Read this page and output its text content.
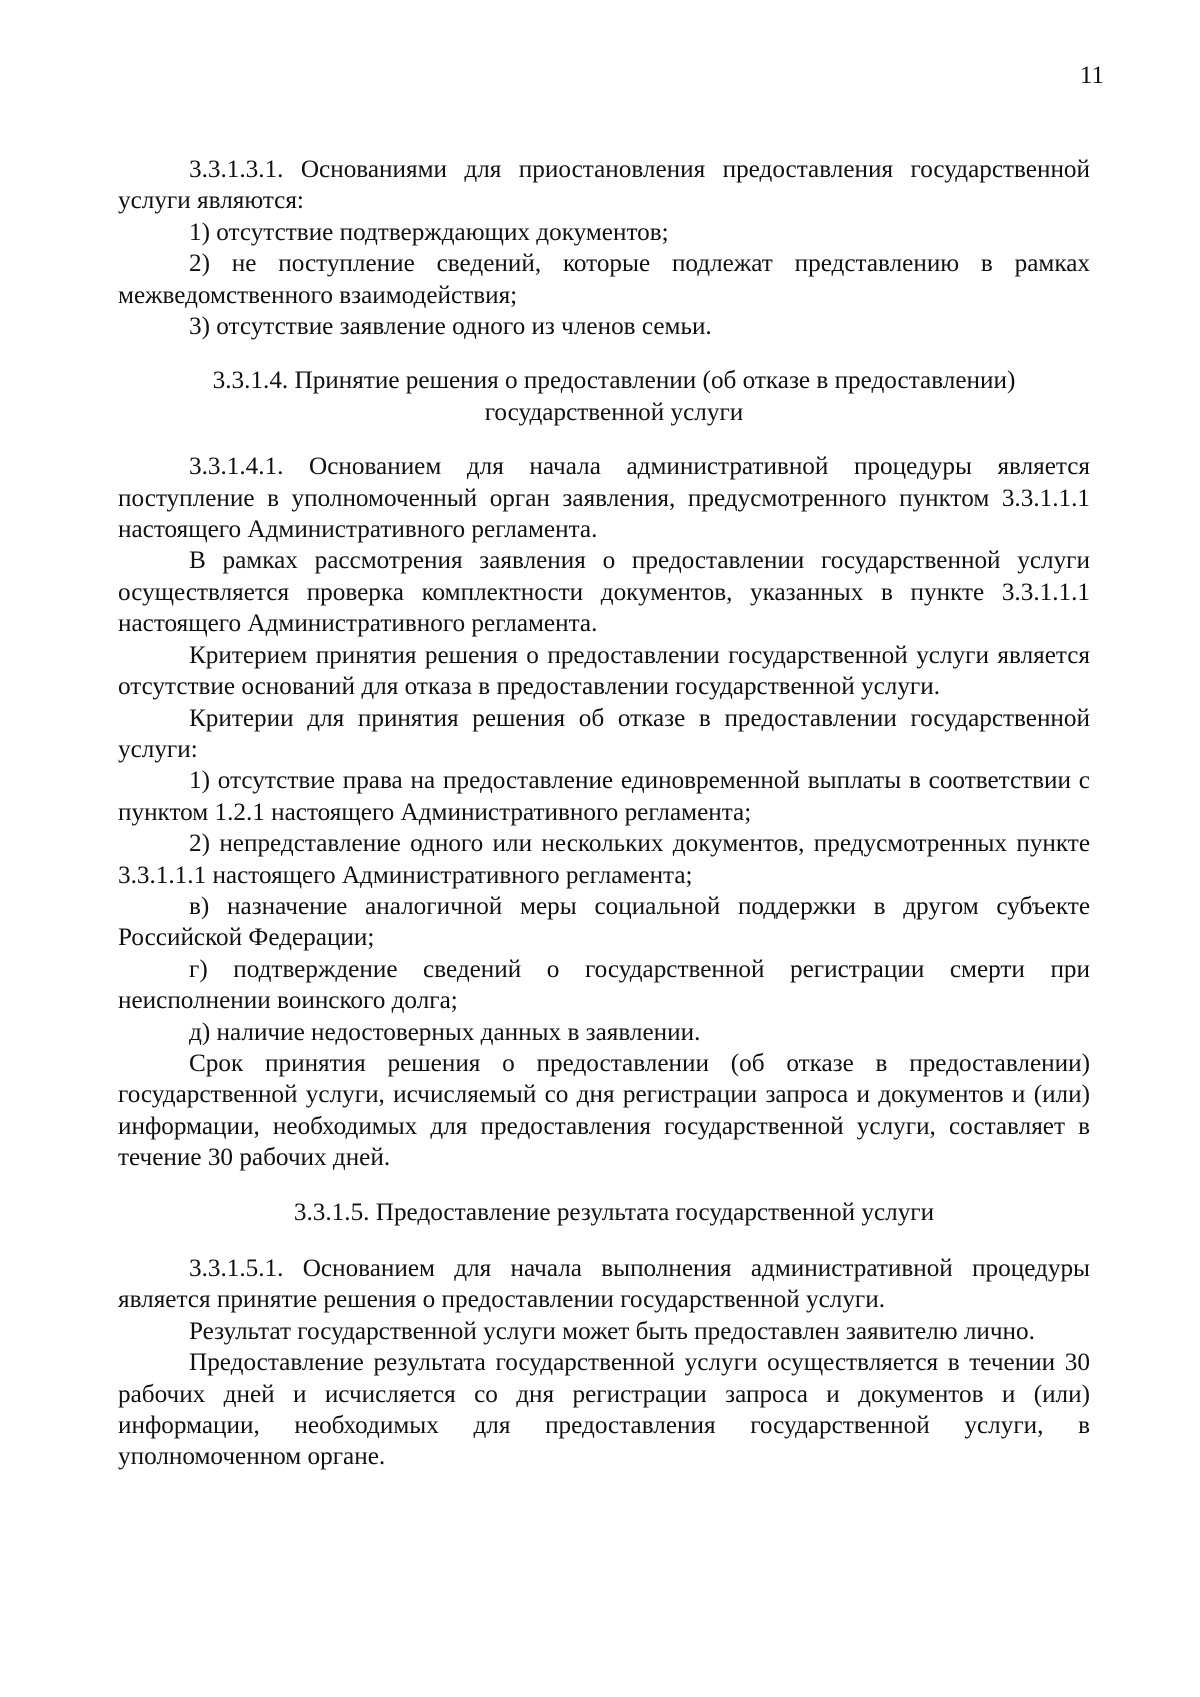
11

3.3.1.3.1. Основаниями для приостановления предоставления государственной услуги являются:

1) отсутствие подтверждающих документов;

2) не поступление сведений, которые подлежат представлению в рамках межведомственного взаимодействия;

3) отсутствие заявление одного из членов семьи.

3.3.1.4. Принятие решения о предоставлении (об отказе в предоставлении)
государственной услуги

3.3.1.4.1. Основанием для начала административной процедуры является поступление в уполномоченный орган заявления, предусмотренного пунктом 3.3.1.1.1 настоящего Административного регламента.

В рамках рассмотрения заявления о предоставлении государственной услуги осуществляется проверка комплектности документов, указанных в пункте 3.3.1.1.1 настоящего Административного регламента.

Критерием принятия решения о предоставлении государственной услуги является отсутствие оснований для отказа в предоставлении государственной услуги.

Критерии для принятия решения об отказе в предоставлении государственной услуги:

1) отсутствие права на предоставление единовременной выплаты в соответствии с пунктом 1.2.1 настоящего Административного регламента;

2) непредставление одного или нескольких документов, предусмотренных пункте 3.3.1.1.1 настоящего Административного регламента;

в) назначение аналогичной меры социальной поддержки в другом субъекте Российской Федерации;

г) подтверждение сведений о государственной регистрации смерти при неисполнении воинского долга;

д) наличие недостоверных данных в заявлении.

Срок принятия решения о предоставлении (об отказе в предоставлении) государственной услуги, исчисляемый со дня регистрации запроса и документов и (или) информации, необходимых для предоставления государственной услуги, составляет в течение 30 рабочих дней.

3.3.1.5. Предоставление результата государственной услуги

3.3.1.5.1. Основанием для начала выполнения административной процедуры является принятие решения о предоставлении государственной услуги.

Результат государственной услуги может быть предоставлен заявителю лично.

Предоставление результата государственной услуги осуществляется в течении 30 рабочих дней и исчисляется со дня регистрации запроса и документов и (или) информации, необходимых для предоставления государственной услуги, в уполномоченном органе.
